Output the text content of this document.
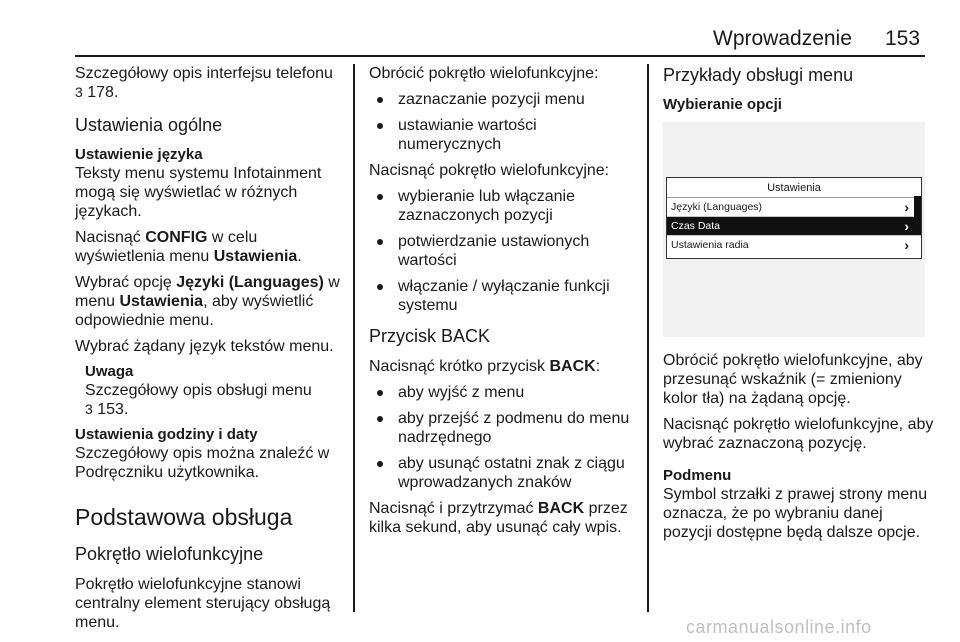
Wprowadzenie 153

Szczegółowy opis interfejsu telefonu
3 178.

Ustawienia ogólne
Ustawienie języka

Teksty menu systemu Infotainment mogą się wyświetlać w różnych językach.

Nacisnąć CONFIG w celu wyświetlenia menu Ustawienia.

Wybrać opcję Języki (Languages) w menu Ustawienia, aby wyświetlić odpowiednie menu.

Wybrać żądany język tekstów menu.

Uwaga
Szczegółowy opis obsługi menu
3 153.
Ustawienia godziny i daty

Szczegółowy opis można znaleźć w Podręczniku użytkownika.

Podstawowa obsługa
Pokrętło wielofunkcyjne

Pokrętło wielofunkcyjne stanowi centralny element sterujący obsługą menu.

Obrócić pokrętło wielofunkcyjne:

zaznaczanie pozycji menu
ustawianie wartości numerycznych

Nacisnąć pokrętło wielofunkcyjne:

wybieranie lub włączanie zaznaczonych pozycji
potwierdzanie ustawionych wartości
włączanie / wyłączanie funkcji systemu
Przycisk BACK

Nacisnąć krótko przycisk BACK:

aby wyjść z menu
aby przejść z podmenu do menu nadrzędnego
aby usunąć ostatni znak z ciągu wprowadzanych znaków

Nacisnąć i przytrzymać BACK przez kilka sekund, aby usunąć cały wpis.

Przykłady obsługi menu
Wybieranie opcji
Ustawienia
Języki (Languages)	›
Czas Data	›
Ustawienia radia	›

Obrócić pokrętło wielofunkcyjne, aby przesunąć wskaźnik (= zmieniony kolor tła) na żądaną opcję.

Nacisnąć pokrętło wielofunkcyjne, aby wybrać zaznaczoną pozycję.

Podmenu

Symbol strzałki z prawej strony menu oznacza, że po wybraniu danej pozycji dostępne będą dalsze opcje.

carmanualsonline.info
